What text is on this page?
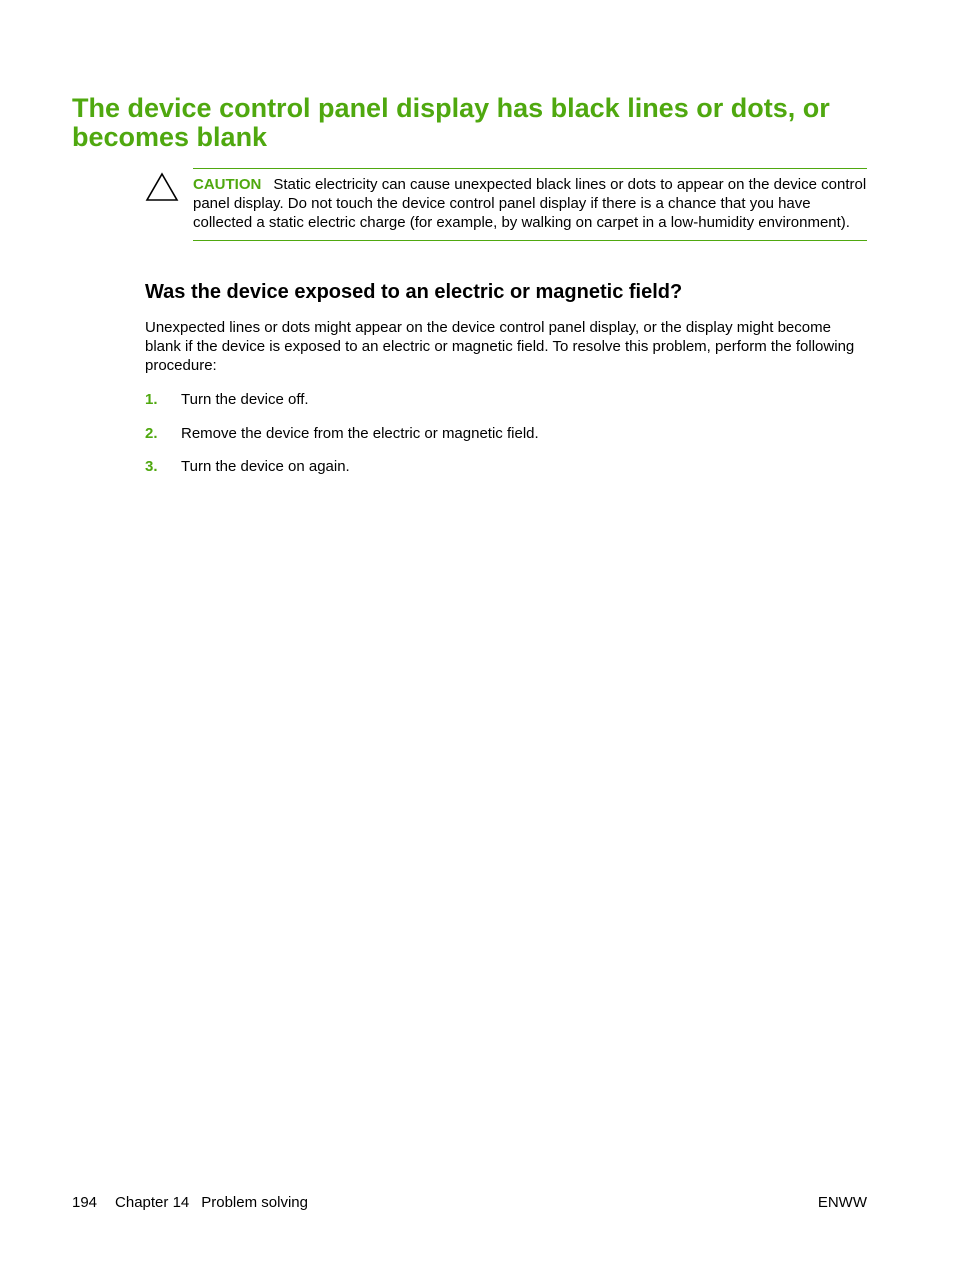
The device control panel display has black lines or dots, or becomes blank
CAUTION Static electricity can cause unexpected black lines or dots to appear on the device control panel display. Do not touch the device control panel display if there is a chance that you have collected a static electric charge (for example, by walking on carpet in a low-humidity environment).
Was the device exposed to an electric or magnetic field?

Unexpected lines or dots might appear on the device control panel display, or the display might become blank if the device is exposed to an electric or magnetic field. To resolve this problem, perform the following procedure:

1. Turn the device off.
2. Remove the device from the electric or magnetic field.
3. Turn the device on again.
194 Chapter 14 Problem solving	ENWW
